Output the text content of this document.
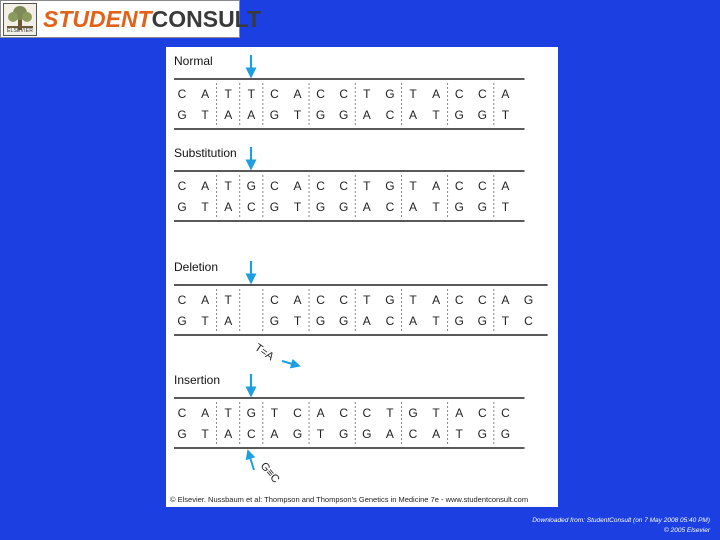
ELSEVIER STUDENTCONSULT
Normal
C
G
A
T
T
A
T
A
C
G
A
T
C
G
C
G
T
A
G
C
T
A
A
T
C
G
C
G
A
T
Substitution
C
G
A
T
T
A
G
C
C
G
A
T
C
G
C
G
T
A
G
C
T
A
A
T
C
G
C
G
A
T
Deletion
C
G
A
T
T
A
C
G
A
T
C
G
C
G
T
A
G
C
T
A
A
T
C
G
C
G
A
T
G
C
T=A
Insertion
C
G
A
T
T
A
G
C
T
A
C
G
A
T
C
G
C
G
T
A
G
C
T
A
A
T
C
G
C
G
G≡C
© Elsevier. Nussbaum et al: Thompson and Thompson's Genetics in Medicine 7e - www.studentconsult.com
Downloaded from: StudentConsult (on 7 May 2008 05:40 PM)
© 2005 Elsevier
